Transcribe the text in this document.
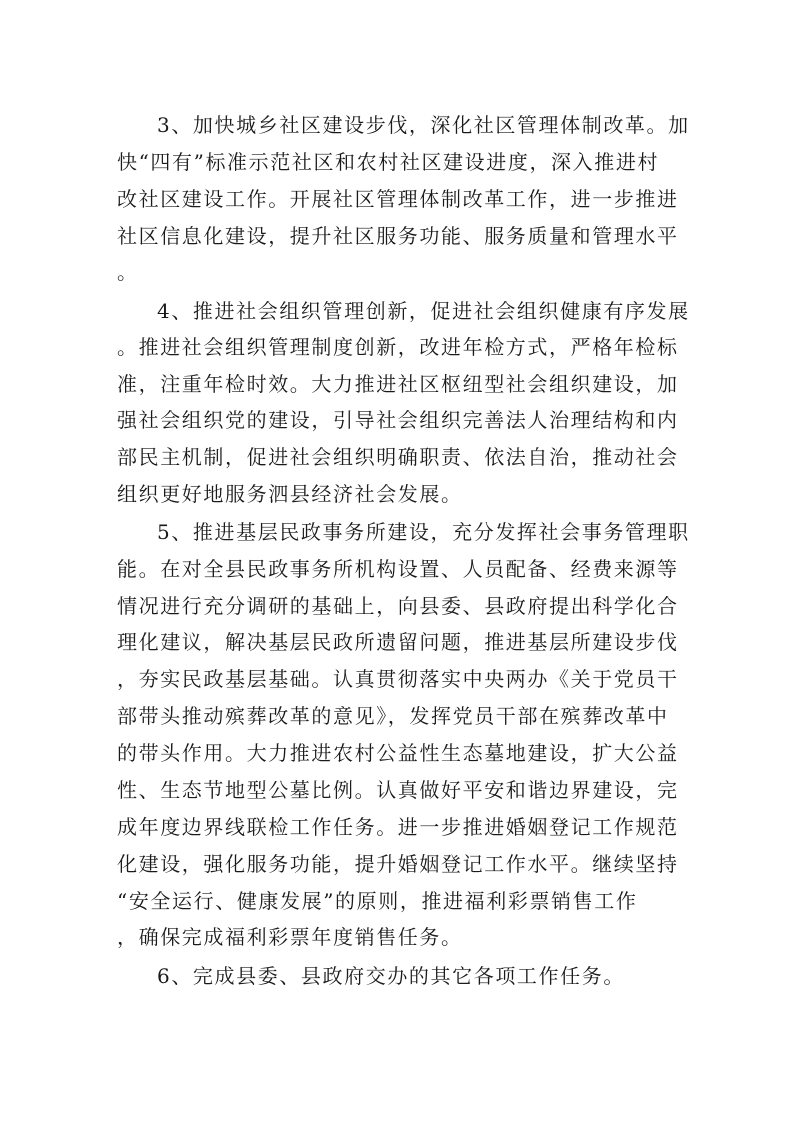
3、加快城乡社区建设步伐，深化社区管理体制改革。加
快“四有”标准示范社区和农村社区建设进度，深入推进村
改社区建设工作。开展社区管理体制改革工作，进一步推进
社区信息化建设，提升社区服务功能、服务质量和管理水平
。
4、推进社会组织管理创新，促进社会组织健康有序发展
。推进社会组织管理制度创新，改进年检方式，严格年检标
准，注重年检时效。大力推进社区枢纽型社会组织建设，加
强社会组织党的建设，引导社会组织完善法人治理结构和内
部民主机制，促进社会组织明确职责、依法自治，推动社会
组织更好地服务泗县经济社会发展。
5、推进基层民政事务所建设，充分发挥社会事务管理职
能。在对全县民政事务所机构设置、人员配备、经费来源等
情况进行充分调研的基础上，向县委、县政府提出科学化合
理化建议，解决基层民政所遗留问题，推进基层所建设步伐
，夯实民政基层基础。认真贯彻落实中央两办《关于党员干
部带头推动殡葬改革的意见》，发挥党员干部在殡葬改革中
的带头作用。大力推进农村公益性生态墓地建设，扩大公益
性、生态节地型公墓比例。认真做好平安和谐边界建设，完
成年度边界线联检工作任务。进一步推进婚姻登记工作规范
化建设，强化服务功能，提升婚姻登记工作水平。继续坚持
“安全运行、健康发展”的原则，推进福利彩票销售工作
，确保完成福利彩票年度销售任务。
6、完成县委、县政府交办的其它各项工作任务。
